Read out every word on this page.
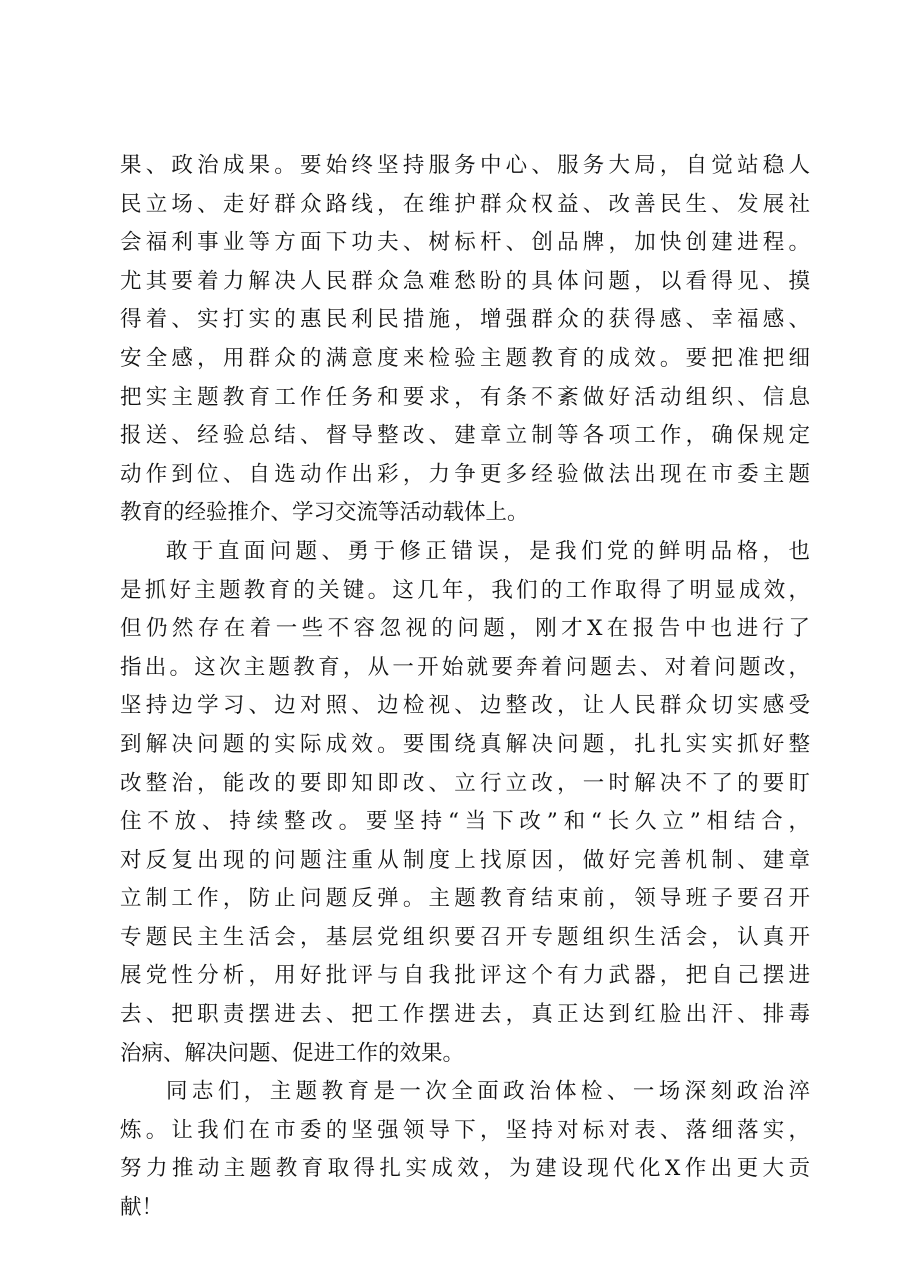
果、政治成果。要始终坚持服务中心、服务大局，自觉站稳人
民立场、走好群众路线，在维护群众权益、改善民生、发展社
会福利事业等方面下功夫、树标杆、创品牌，加快创建进程。
尤其要着力解决人民群众急难愁盼的具体问题，以看得见、摸
得着、实打实的惠民利民措施，增强群众的获得感、幸福感、
安全感，用群众的满意度来检验主题教育的成效。要把准把细
把实主题教育工作任务和要求，有条不紊做好活动组织、信息
报送、经验总结、督导整改、建章立制等各项工作，确保规定
动作到位、自选动作出彩，力争更多经验做法出现在市委主题
教育的经验推介、学习交流等活动载体上。
敢于直面问题、勇于修正错误，是我们党的鲜明品格，也
是抓好主题教育的关键。这几年，我们的工作取得了明显成效，
但仍然存在着一些不容忽视的问题，刚才X在报告中也进行了
指出。这次主题教育，从一开始就要奔着问题去、对着问题改，
坚持边学习、边对照、边检视、边整改，让人民群众切实感受
到解决问题的实际成效。要围绕真解决问题，扎扎实实抓好整
改整治，能改的要即知即改、立行立改，一时解决不了的要盯
住不放、持续整改。要坚持“当下改”和“长久立”相结合，
对反复出现的问题注重从制度上找原因，做好完善机制、建章
立制工作，防止问题反弹。主题教育结束前，领导班子要召开
专题民主生活会，基层党组织要召开专题组织生活会，认真开
展党性分析，用好批评与自我批评这个有力武器，把自己摆进
去、把职责摆进去、把工作摆进去，真正达到红脸出汗、排毒
治病、解决问题、促进工作的效果。
同志们，主题教育是一次全面政治体检、一场深刻政治淬
炼。让我们在市委的坚强领导下，坚持对标对表、落细落实，
努力推动主题教育取得扎实成效，为建设现代化X作出更大贡
献！
